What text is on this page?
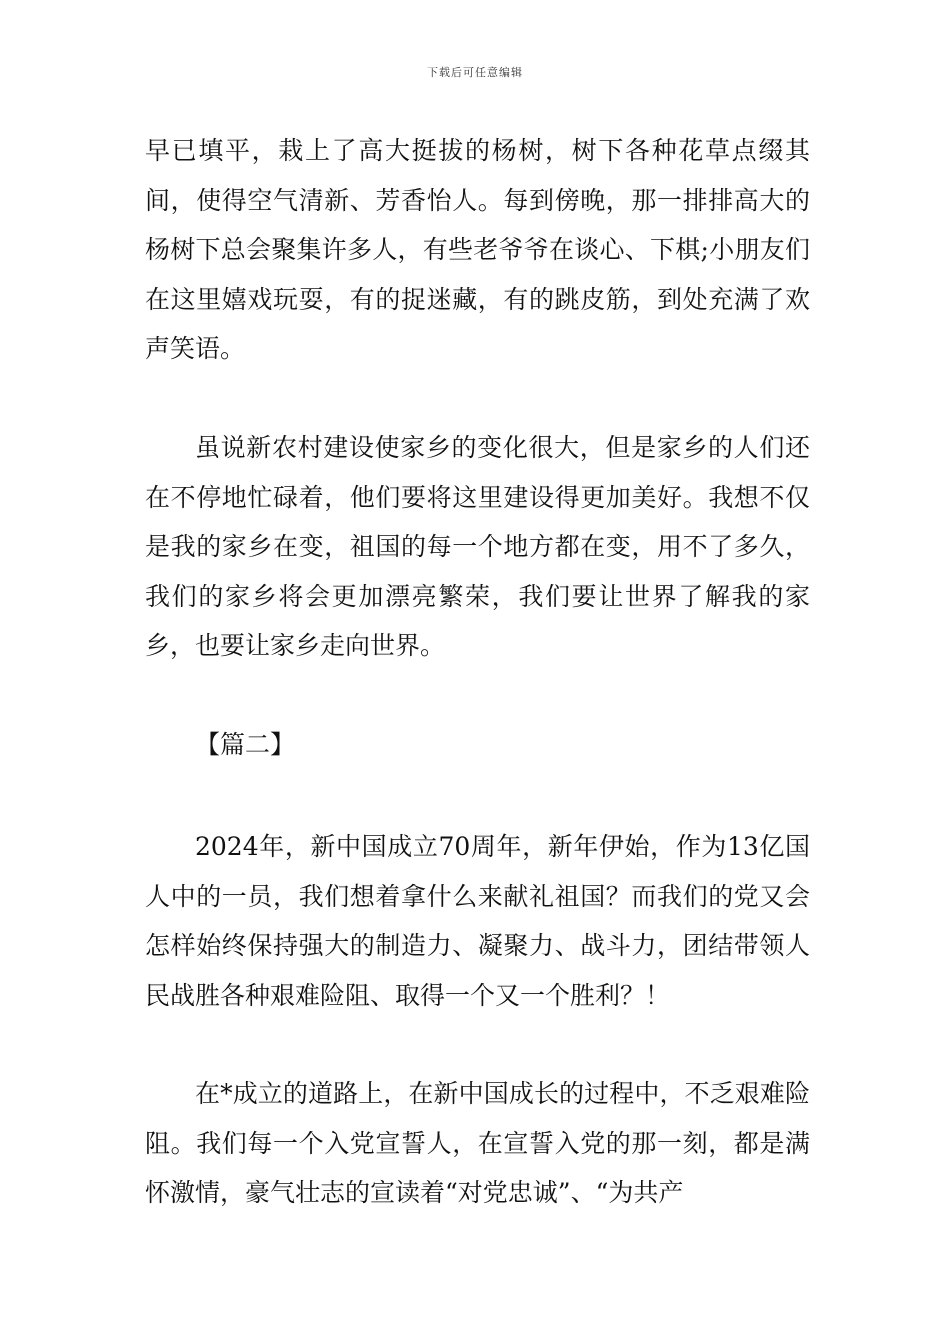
下载后可任意编辑

早已填平，栽上了高大挺拔的杨树，树下各种花草点缀其间，使得空气清新、芳香怡人。每到傍晚，那一排排高大的杨树下总会聚集许多人，有些老爷爷在谈心、下棋;小朋友们在这里嬉戏玩耍，有的捉迷藏，有的跳皮筋，到处充满了欢声笑语。

虽说新农村建设使家乡的变化很大，但是家乡的人们还在不停地忙碌着，他们要将这里建设得更加美好。我想不仅是我的家乡在变，祖国的每一个地方都在变，用不了多久，我们的家乡将会更加漂亮繁荣，我们要让世界了解我的家乡，也要让家乡走向世界。

【篇二】

2024年，新中国成立70周年，新年伊始，作为13亿国人中的一员，我们想着拿什么来献礼祖国？而我们的党又会怎样始终保持强大的制造力、凝聚力、战斗力，团结带领人民战胜各种艰难险阻、取得一个又一个胜利？！

在*成立的道路上，在新中国成长的过程中，不乏艰难险阻。我们每一个入党宣誓人，在宣誓入党的那一刻，都是满怀激情，豪气壮志的宣读着“对党忠诚”、“为共产
